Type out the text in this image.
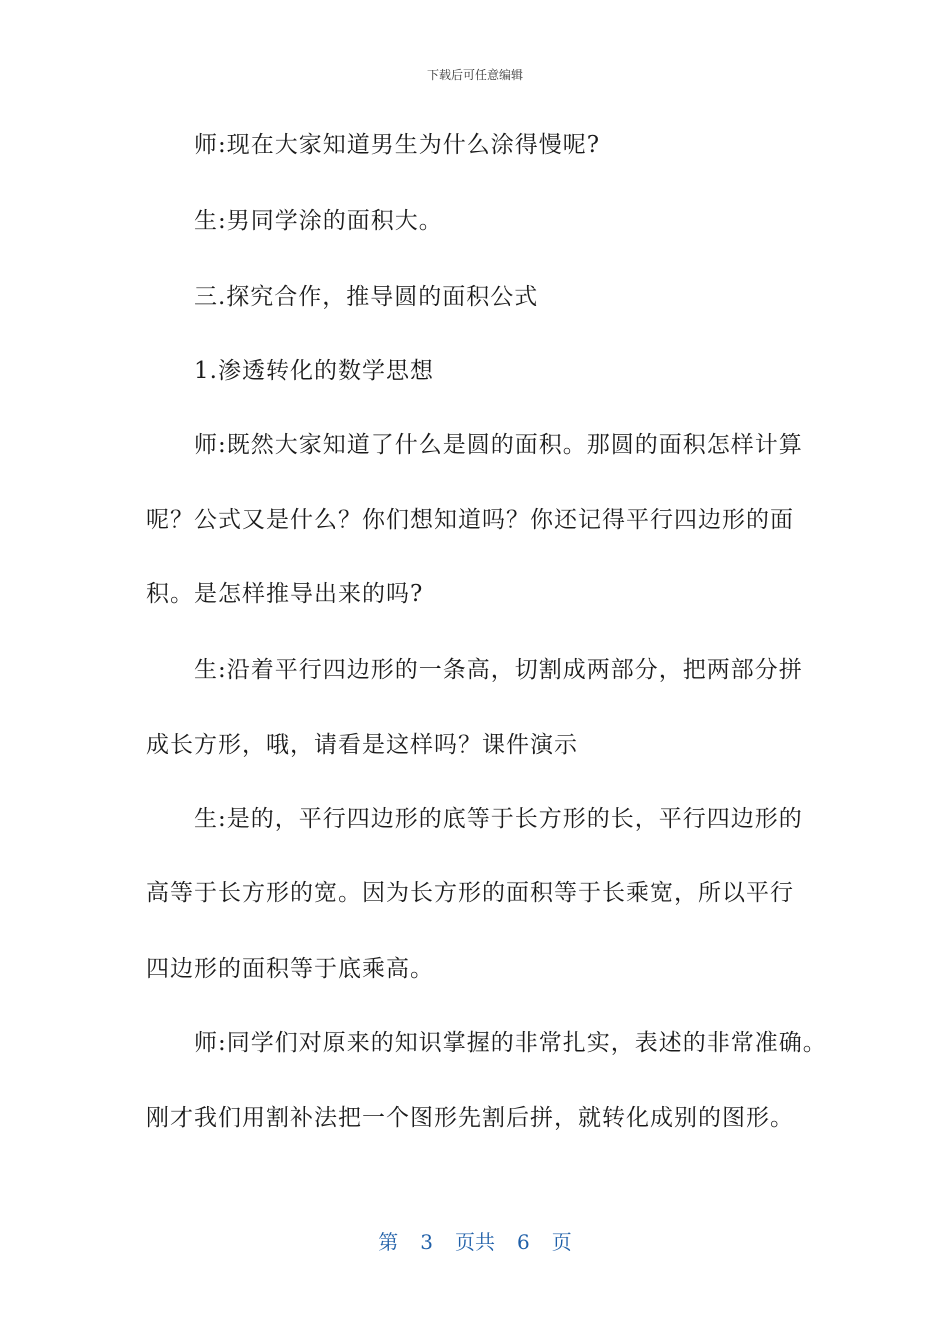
下载后可任意编辑
师:现在大家知道男生为什么涂得慢呢?
生:男同学涂的面积大。
三.探究合作，推导圆的面积公式
1.渗透转化的数学思想
师:既然大家知道了什么是圆的面积。那圆的面积怎样计算
呢？公式又是什么？你们想知道吗？你还记得平行四边形的面
积。是怎样推导出来的吗?
生:沿着平行四边形的一条高，切割成两部分，把两部分拼
成长方形，哦，请看是这样吗？课件演示
生:是的，平行四边形的底等于长方形的长，平行四边形的
高等于长方形的宽。因为长方形的面积等于长乘宽，所以平行
四边形的面积等于底乘高。
师:同学们对原来的知识掌握的非常扎实，表述的非常准确。
刚才我们用割补法把一个图形先割后拼，就转化成别的图形。
第 3 页共 6 页
